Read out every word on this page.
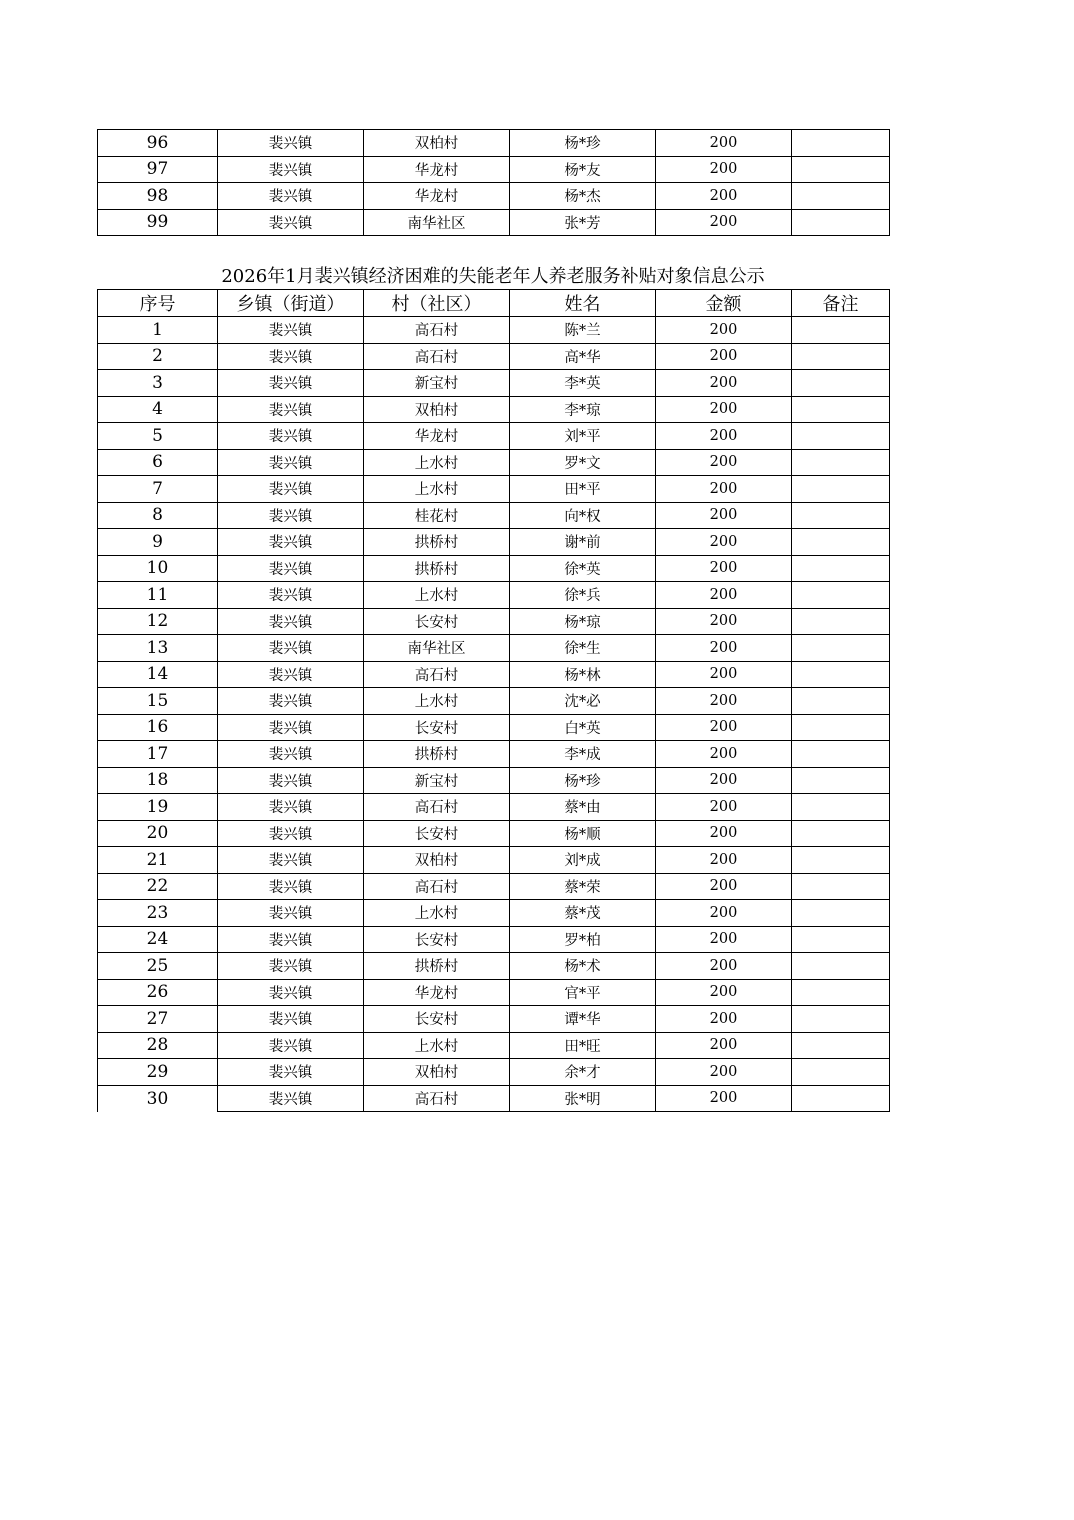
96	裴兴镇	双柏村	杨*珍	200	
97	裴兴镇	华龙村	杨*友	200	
98	裴兴镇	华龙村	杨*杰	200	
99	裴兴镇	南华社区	张*芳	200	
2026年1月裴兴镇经济困难的失能老年人养老服务补贴对象信息公示
序号	乡镇（街道）	村（社区）	姓名	金额	备注
1	裴兴镇	高石村	陈*兰	200	
2	裴兴镇	高石村	高*华	200	
3	裴兴镇	新宝村	李*英	200	
4	裴兴镇	双柏村	李*琼	200	
5	裴兴镇	华龙村	刘*平	200	
6	裴兴镇	上水村	罗*文	200	
7	裴兴镇	上水村	田*平	200	
8	裴兴镇	桂花村	向*权	200	
9	裴兴镇	拱桥村	谢*前	200	
10	裴兴镇	拱桥村	徐*英	200	
11	裴兴镇	上水村	徐*兵	200	
12	裴兴镇	长安村	杨*琼	200	
13	裴兴镇	南华社区	徐*生	200	
14	裴兴镇	高石村	杨*林	200	
15	裴兴镇	上水村	沈*必	200	
16	裴兴镇	长安村	白*英	200	
17	裴兴镇	拱桥村	李*成	200	
18	裴兴镇	新宝村	杨*珍	200	
19	裴兴镇	高石村	蔡*由	200	
20	裴兴镇	长安村	杨*顺	200	
21	裴兴镇	双柏村	刘*成	200	
22	裴兴镇	高石村	蔡*荣	200	
23	裴兴镇	上水村	蔡*茂	200	
24	裴兴镇	长安村	罗*柏	200	
25	裴兴镇	拱桥村	杨*术	200	
26	裴兴镇	华龙村	官*平	200	
27	裴兴镇	长安村	谭*华	200	
28	裴兴镇	上水村	田*旺	200	
29	裴兴镇	双柏村	余*才	200	
30	裴兴镇	高石村	张*明	200	
